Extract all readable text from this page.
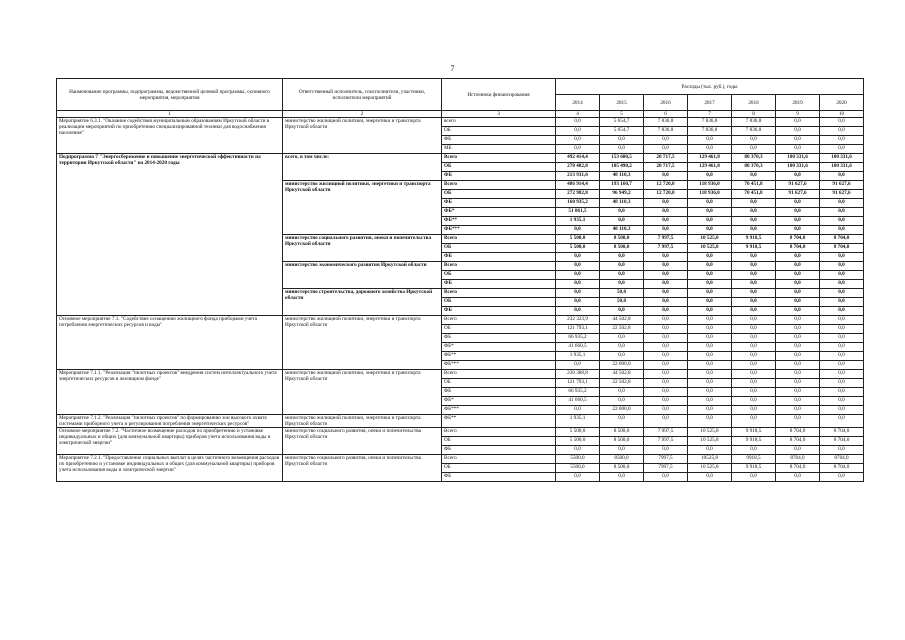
7
Наименование программы, подпрограммы, ведомственной целевой программы, основного мероприятия, мероприятия	Ответственный исполнитель, соисполнители, участники, исполнители мероприятий	Источники финансирования	Расходы (тыс. руб.), годы						
			2014	2015	2016	2017	2018	2019	2020
1	2	3	4	5	6	7	8	9	10
Мероприятие 6.3.1. "Оказание содействия муниципальным образованиям Иркутской области в реализации мероприятий по приобретению специализированной техники для водоснабжения населения"	министерство жилищной политики, энергетики и транспорта Иркутской области	всего	0,0	5 654,7	7 836,8	7 836,8	7 836,8	0,0	0,0
		ОБ	0,0	5 654,7	7 836,8	7 836,8	7 836,8	0,0	0,0
		ФБ	0,0	0,0	0,0	0,0	0,0	0,0	0,0
		МБ	0,0	0,0	0,0	0,0	0,0	0,0	0,0
Подпрограмма 7 "Энергосбережение и повышение энергетической эффективности на территории Иркутской области" на 2014-2020 годы	всего, в том числе:	Всего	492 414,4	153 600,5	20 717,5	129 461,8	80 370,3	100 331,6	100 331,6
		ОБ	278 482,8	105 490,2	20 717,5	129 461,8	80 370,3	100 331,6	100 331,6
		ФБ	213 931,6	48 110,3	0,0	0,0	0,0	0,0	0,0
	министерство жилищной политики, энергетики и транспорта Иркутской области	Всего	486 914,4	193 160,7	12 720,0	118 936,0	70 451,8	91 627,6	91 627,6
		ОБ	272 982,8	96 949,2	12 720,0	118 936,0	70 451,8	91 627,6	91 627,6
		ФБ	160 935,2	48 110,3	0,0	0,0	0,0	0,0	0,0
		ФБ*	51 061,5	0,0	0,0	0,0	0,0	0,0	0,0
		ФБ**	1 935,1	0,0	0,0	0,0	0,0	0,0	0,0
		ФБ***	0,0	48 110,3	0,0	0,0	0,0	0,0	0,0
	министерство социального развития, опеки и попечительства Иркутской области	Всего	5 500,0	8 500,0	7 997,5	10 525,8	9 918,5	8 704,0	8 704,0
		ОБ	5 500,0	8 500,0	7 997,5	10 525,8	9 918,5	8 704,0	8 704,0
		ФБ	0,0	0,0	0,0	0,0	0,0	0,0	0,0
	министерство экономического развития Иркутской области	Всего	0,0	0,0	0,0	0,0	0,0	0,0	0,0
		ОБ	0,0	0,0	0,0	0,0	0,0	0,0	0,0
		ФБ	0,0	0,0	0,0	0,0	0,0	0,0	0,0
	министерство строительства, дорожного хозяйства Иркутской области	Всего	0,0	50,0	0,0	0,0	0,0	0,0	0,0
		ОБ	0,0	50,0	0,0	0,0	0,0	0,0	0,0
		ФБ	0,0	0,0	0,0	0,0	0,0	0,0	0,0
Основное мероприятие 7.1. "Содействие оснащению жилищного фонда приборами учета потребления энергетических ресурсов и воды"	министерство жилищной политики, энергетики и транспорта Иркутской области	Всего	232 323,9	44 502,8	0,0	0,0	0,0	0,0	0,0
		ОБ	121 793,1	22 502,8	0,0	0,0	0,0	0,0	0,0
		ФБ	66 935,2	0,0	0,0	0,0	0,0	0,0	0,0
		ФБ*	41 660,5	0,0	0,0	0,0	0,0	0,0	0,0
		ФБ**	1 935,1	0,0	0,0	0,0	0,0	0,0	0,0
		ФБ***	0,0	22 000,0	0,0	0,0	0,0	0,0	0,0
Мероприятие 7.1.1. "Реализация "пилотных проектов" внедрения систем интеллектуального учета энергетических ресурсов в жилищном фонде"	министерство жилищной политики, энергетики и транспорта Иркутской области	Всего	230 388,8	44 502,8	0,0	0,0	0,0	0,0	0,0
		ОБ	121 793,1	22 502,8	0,0	0,0	0,0	0,0	0,0
		ФБ	66 935,2	0,0	0,0	0,0	0,0	0,0	0,0
		ФБ*	41 660,5	0,0	0,0	0,0	0,0	0,0	0,0
		ФБ***	0,0	22 000,0	0,0	0,0	0,0	0,0	0,0
Мероприятие 7.1.2. "Реализация "пилотных проектов" по формированию зон высокого охвата системами приборного учета и регулирования потребления энергетических ресурсов"	министерство жилищной политики, энергетики и транспорта Иркутской области	ФБ**	1 935,1	0,0	0,0	0,0	0,0	0,0	0,0
Основное мероприятие 7.2. "Частичное возмещение расходов по приобретению и установке индивидуальных и общих (для коммунальной квартиры) приборов учета использования воды и электрической энергии"	министерство социального развития, опеки и попечительства Иркутской области	Всего	5 500,0	8 500,0	7 997,5	10 525,8	9 918,5	8 704,0	8 704,0
		ОБ	5 500,0	8 500,0	7 997,5	10 525,8	9 918,5	8 704,0	8 704,0
		ФБ	0,0	0,0	0,0	0,0	0,0	0,0	0,0
Мероприятие 7.2.1. "Предоставление социальных выплат в целях частичного возмещения расходов по приобретению и установке индивидуальных и общих (для коммунальной квартиры) приборов учета использования воды и электрической энергии"	министерство социального развития, опеки и попечительства Иркутской области	Всего	5500,0	8500,0	7997,5	10525,8	9918,5	8704,0	8704,0
		ОБ	5500,0	8 500,0	7997,5	10 525,8	9 918,5	8 704,0	8 704,0
		ФБ	0,0	0,0	0,0	0,0	0,0	0,0	0,0
